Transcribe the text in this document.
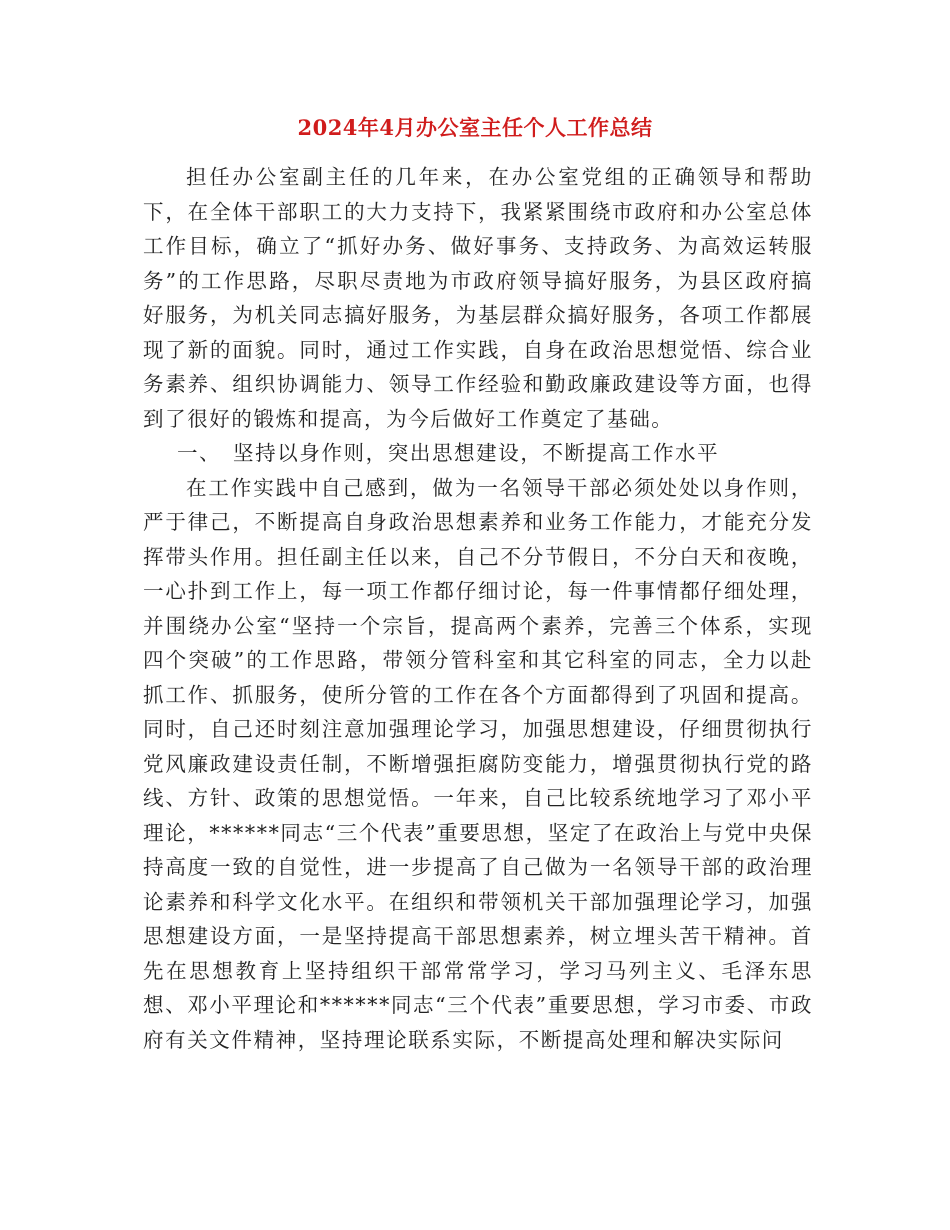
2024年4月办公室主任个人工作总结

担任办公室副主任的几年来，在办公室党组的正确领导和帮助下，在全体干部职工的大力支持下，我紧紧围绕市政府和办公室总体工作目标，确立了“抓好办务、做好事务、支持政务、为高效运转服务”的工作思路，尽职尽责地为市政府领导搞好服务，为县区政府搞好服务，为机关同志搞好服务，为基层群众搞好服务，各项工作都展现了新的面貌。同时，通过工作实践，自身在政治思想觉悟、综合业务素养、组织协调能力、领导工作经验和勤政廉政建设等方面，也得到了很好的锻炼和提高，为今后做好工作奠定了基础。

一、　坚持以身作则，突出思想建设，不断提高工作水平

在工作实践中自己感到，做为一名领导干部必须处处以身作则，严于律己，不断提高自身政治思想素养和业务工作能力，才能充分发挥带头作用。担任副主任以来，自己不分节假日，不分白天和夜晚，一心扑到工作上，每一项工作都仔细讨论，每一件事情都仔细处理，并围绕办公室“坚持一个宗旨，提高两个素养，完善三个体系，实现四个突破”的工作思路，带领分管科室和其它科室的同志，全力以赴抓工作、抓服务，使所分管的工作在各个方面都得到了巩固和提高。同时，自己还时刻注意加强理论学习，加强思想建设，仔细贯彻执行党风廉政建设责任制，不断增强拒腐防变能力，增强贯彻执行党的路线、方针、政策的思想觉悟。一年来，自己比较系统地学习了邓小平理论，******同志“三个代表”重要思想，坚定了在政治上与党中央保持高度一致的自觉性，进一步提高了自己做为一名领导干部的政治理论素养和科学文化水平。在组织和带领机关干部加强理论学习，加强思想建设方面，一是坚持提高干部思想素养，树立埋头苦干精神。首先在思想教育上坚持组织干部常常学习，学习马列主义、毛泽东思想、邓小平理论和******同志“三个代表”重要思想，学习市委、市政府有关文件精神，坚持理论联系实际，不断提高处理和解决实际问
